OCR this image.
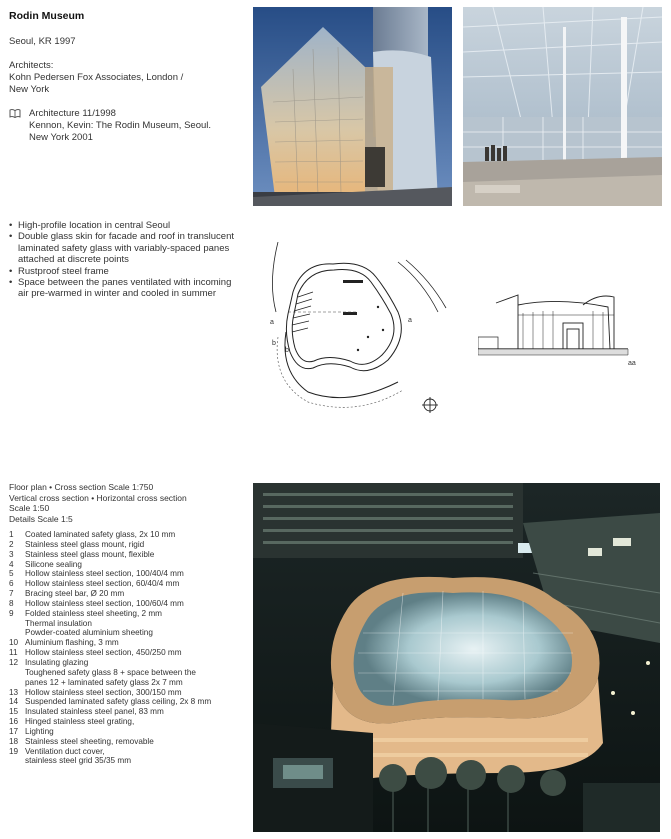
Rodin Museum
Seoul, KR 1997
Architects:
Kohn Pedersen Fox Associates, London /
New York
Architecture 11/1998
Kennon, Kevin: The Rodin Museum, Seoul.
New York 2001
• High-profile location in central Seoul
• Double glass skin for facade and roof in translucent laminated safety glass with variably-spaced panes attached at discrete points
• Rustproof steel frame
• Space between the panes ventilated with incoming air pre-warmed in winter and cooled in summer
a	a
b
b
aa
Floor plan • Cross section Scale 1:750
Vertical cross section • Horizontal cross section
Scale 1:50
Details Scale 1:5
1	Coated laminated safety glass, 2x 10 mm
2	Stainless steel glass mount, rigid
3	Stainless steel glass mount, flexible
4	Silicone sealing
5	Hollow stainless steel section, 100/40/4 mm
6	Hollow stainless steel section, 60/40/4 mm
7	Bracing steel bar, Ø 20 mm
8	Hollow stainless steel section, 100/60/4 mm
9	Folded stainless steel sheeting, 2 mm
Thermal insulation
Powder-coated aluminium sheeting
10 Aluminium flashing, 3 mm
11 Hollow stainless steel section, 450/250 mm
12 Insulating glazing
Toughened safety glass 8 + space between the
panes 12 + laminated safety glass 2x 7 mm
13 Hollow stainless steel section, 300/150 mm
14 Suspended laminated safety glass ceiling, 2x 8 mm
15 Insulated stainless steel panel, 83 mm
16 Hinged stainless steel grating,
17 Lighting
18 Stainless steel sheeting, removable
19 Ventilation duct cover,
stainless steel grid 35/35 mm
